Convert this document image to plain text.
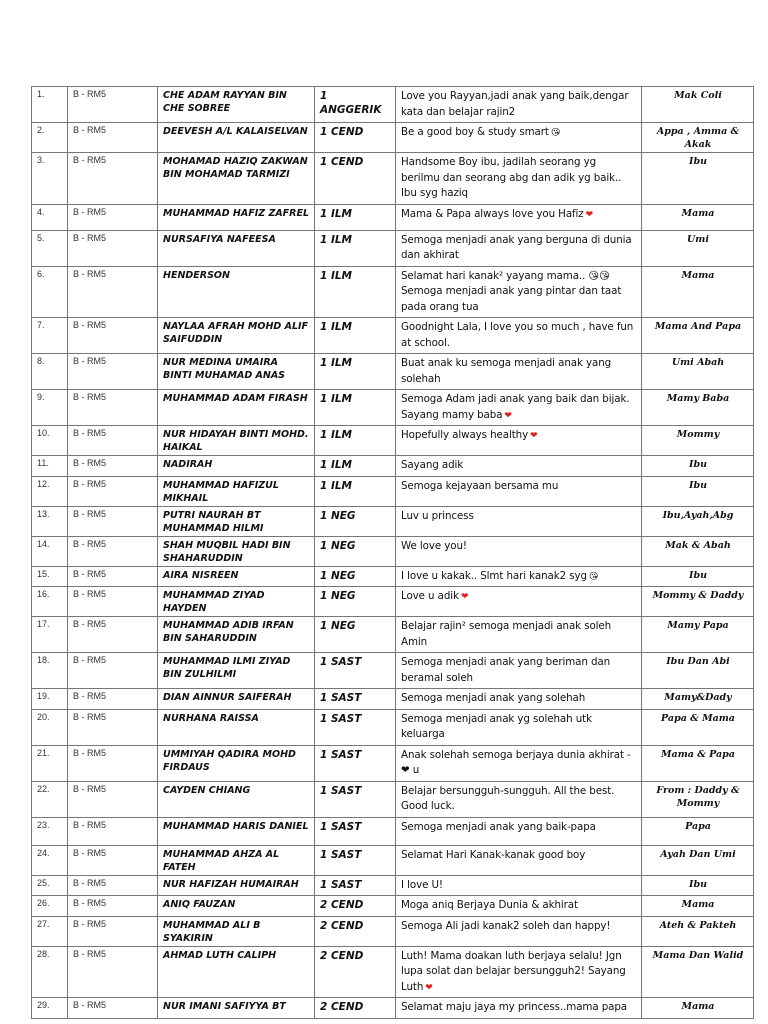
1.	B - RM5	CHE ADAM RAYYAN BIN CHE SOBREE	1 ANGGERIK	Love you Rayyan,jadi anak yang baik,dengar kata dan belajar rajin2	Mak Coli
2.	B - RM5	DEEVESH A/L KALAISELVAN	1 CEND	Be a good boy & study smart 😘	Appa , Amma & Akak
3.	B - RM5	MOHAMAD HAZIQ ZAKWAN BIN MOHAMAD TARMIZI	1 CEND	Handsome Boy ibu, jadilah seorang yg berilmu dan seorang abg dan adik yg baik.. Ibu syg haziq	Ibu
4.	B - RM5	MUHAMMAD HAFIZ ZAFREL	1 ILM	Mama & Papa always love you Hafiz ❤	Mama
5.	B - RM5	NURSAFIYA NAFEESA	1 ILM	Semoga menjadi anak yang berguna di dunia dan akhirat	Umi
6.	B - RM5	HENDERSON	1 ILM	Selamat hari kanak² yayang mama.. 😘😘 Semoga menjadi anak yang pintar dan taat pada orang tua	Mama
7.	B - RM5	NAYLAA AFRAH MOHD ALIF SAIFUDDIN	1 ILM	Goodnight Lala, I love you so much , have fun at school.	Mama And Papa
8.	B - RM5	NUR MEDINA UMAIRA BINTI MUHAMAD ANAS	1 ILM	Buat anak ku semoga menjadi anak yang solehah	Umi Abah
9.	B - RM5	MUHAMMAD ADAM FIRASH	1 ILM	Semoga Adam jadi anak yang baik dan bijak. Sayang mamy baba ❤	Mamy Baba
10.	B - RM5	NUR HIDAYAH BINTI MOHD. HAIKAL	1 ILM	Hopefully always healthy ❤	Mommy
11.	B - RM5	NADIRAH	1 ILM	Sayang adik	Ibu
12.	B - RM5	MUHAMMAD HAFIZUL MIKHAIL	1 ILM	Semoga kejayaan bersama mu	Ibu
13.	B - RM5	PUTRI NAURAH BT MUHAMMAD HILMI	1 NEG	Luv u princess	Ibu,Ayah,Abg
14.	B - RM5	SHAH MUQBIL HADI BIN SHAHARUDDIN	1 NEG	We love you!	Mak & Abah
15.	B - RM5	AIRA NISREEN	1 NEG	I love u kakak.. Slmt hari kanak2 syg 😘	Ibu
16.	B - RM5	MUHAMMAD ZIYAD HAYDEN	1 NEG	Love u adik ❤	Mommy & Daddy
17.	B - RM5	MUHAMMAD ADIB IRFAN BIN SAHARUDDIN	1 NEG	Belajar rajin² semoga menjadi anak soleh Amin	Mamy Papa
18.	B - RM5	MUHAMMAD ILMI ZIYAD BIN ZULHILMI	1 SAST	Semoga menjadi anak yang beriman dan beramal soleh	Ibu Dan Abi
19.	B - RM5	DIAN AINNUR SAIFERAH	1 SAST	Semoga menjadi anak yang solehah	Mamy&Dady
20.	B - RM5	NURHANA RAISSA	1 SAST	Semoga menjadi anak yg solehah utk keluarga	Papa & Mama
21.	B - RM5	UMMIYAH QADIRA MOHD FIRDAUS	1 SAST	Anak solehah semoga berjaya dunia akhirat - ❤ u	Mama & Papa
22.	B - RM5	CAYDEN CHIANG	1 SAST	Belajar bersungguh-sungguh. All the best. Good luck.	From : Daddy & Mommy
23.	B - RM5	MUHAMMAD HARIS DANIEL	1 SAST	Semoga menjadi anak yang baik-papa	Papa
24.	B - RM5	MUHAMMAD AHZA AL FATEH	1 SAST	Selamat Hari Kanak-kanak good boy	Ayah Dan Umi
25.	B - RM5	NUR HAFIZAH HUMAIRAH	1 SAST	I love U!	Ibu
26.	B - RM5	ANIQ FAUZAN	2 CEND	Moga aniq Berjaya Dunia & akhirat	Mama
27.	B - RM5	MUHAMMAD ALI B SYAKIRIN	2 CEND	Semoga Ali jadi kanak2 soleh dan happy!	Ateh & Pakteh
28.	B - RM5	AHMAD LUTH CALIPH	2 CEND	Luth! Mama doakan luth berjaya selalu! Jgn lupa solat dan belajar bersungguh2! Sayang Luth ❤	Mama Dan Walid
29.	B - RM5	NUR IMANI SAFIYYA BT	2 CEND	Selamat maju jaya my princess..mama papa	Mama
